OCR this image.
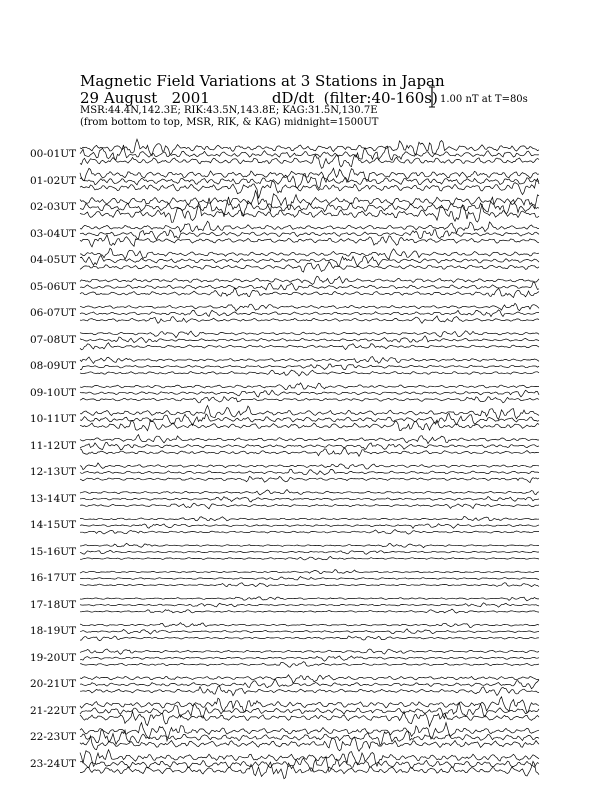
Magnetic Field Variations at 3 Stations in Japan
29 August   2001	dD/dt  (filter:40-160s)
MSR:44.4N,142.3E; RIK:43.5N,143.8E; KAG:31.5N,130.7E
(from bottom to top, MSR, RIK, & KAG) midnight=1500UT
1.00 nT at T=80s
00-01UT
01-02UT
02-03UT
03-04UT
04-05UT
05-06UT
06-07UT
07-08UT
08-09UT
09-10UT
10-11UT
11-12UT
12-13UT
13-14UT
14-15UT
15-16UT
16-17UT
17-18UT
18-19UT
19-20UT
20-21UT
21-22UT
22-23UT
23-24UT
